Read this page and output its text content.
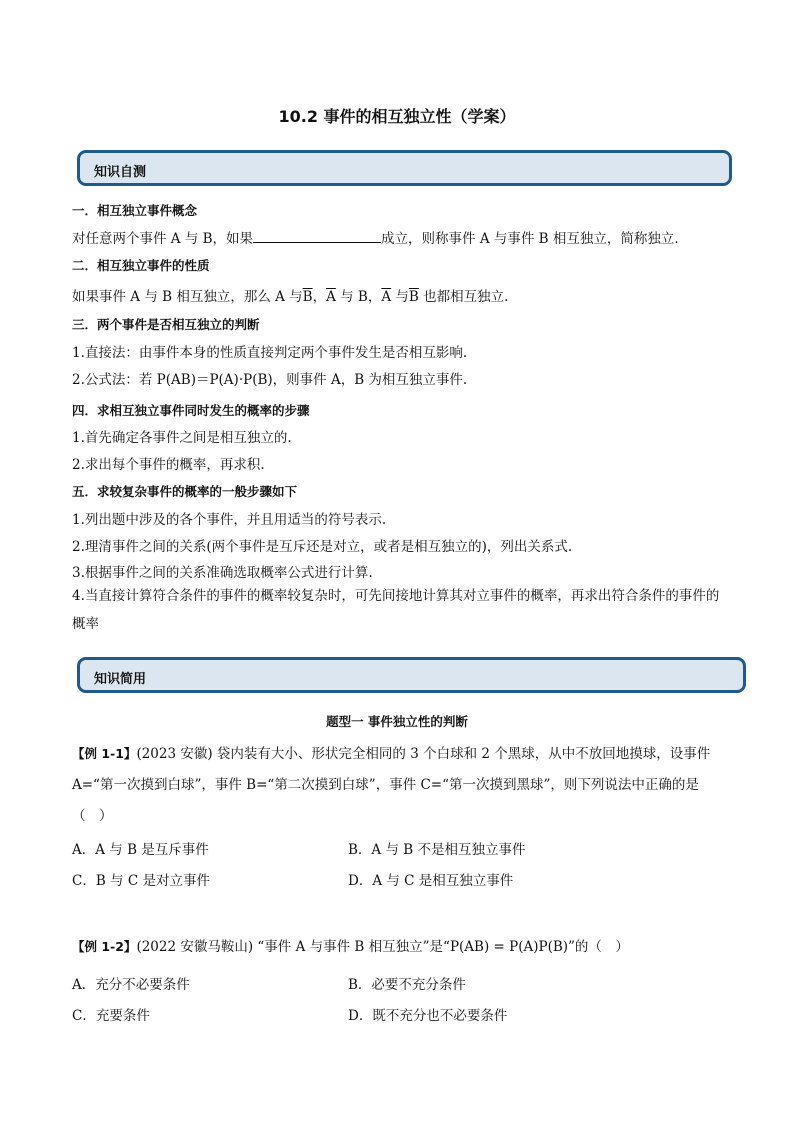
10.2 事件的相互独立性（学案）
知识自测
一．相互独立事件概念
对任意两个事件 A 与 B，如果	成立，则称事件 A 与事件 B 相互独立，简称独立.
二．相互独立事件的性质
如果事件 A 与 B 相互独立，那么 A 与$\overline{B}$，$\overline{A}$ 与 B，$\overline{A}$ 与$\overline{B}$ 也都相互独立.
三．两个事件是否相互独立的判断
1.直接法：由事件本身的性质直接判定两个事件发生是否相互影响.
2.公式法：若 P(AB)＝P(A)·P(B)，则事件 A，B 为相互独立事件.
四．求相互独立事件同时发生的概率的步骤
1.首先确定各事件之间是相互独立的.
2.求出每个事件的概率，再求积.
五．求较复杂事件的概率的一般步骤如下
1.列出题中涉及的各个事件，并且用适当的符号表示.
2.理清事件之间的关系(两个事件是互斥还是对立，或者是相互独立的)，列出关系式.
3.根据事件之间的关系准确选取概率公式进行计算.
4.当直接计算符合条件的事件的概率较复杂时，可先间接地计算其对立事件的概率，再求出符合条件的事件的概率
知识简用
题型一 事件独立性的判断
【例 1-1】(2023 安徽) 袋内装有大小、形状完全相同的 3 个白球和 2 个黑球，从中不放回地摸球，设事件 A=“第一次摸到白球”，事件 B=“第二次摸到白球”，事件 C=“第一次摸到黑球”，则下列说法中正确的是
（　）
A．A 与 B 是互斥事件	B．A 与 B 不是相互独立事件
C．B 与 C 是对立事件	D．A 与 C 是相互独立事件
【例 1-2】(2022 安徽马鞍山) “事件 A 与事件 B 相互独立”是“P(AB) = P(A)P(B)”的（　）
A．充分不必要条件	B．必要不充分条件
C．充要条件	D．既不充分也不必要条件
